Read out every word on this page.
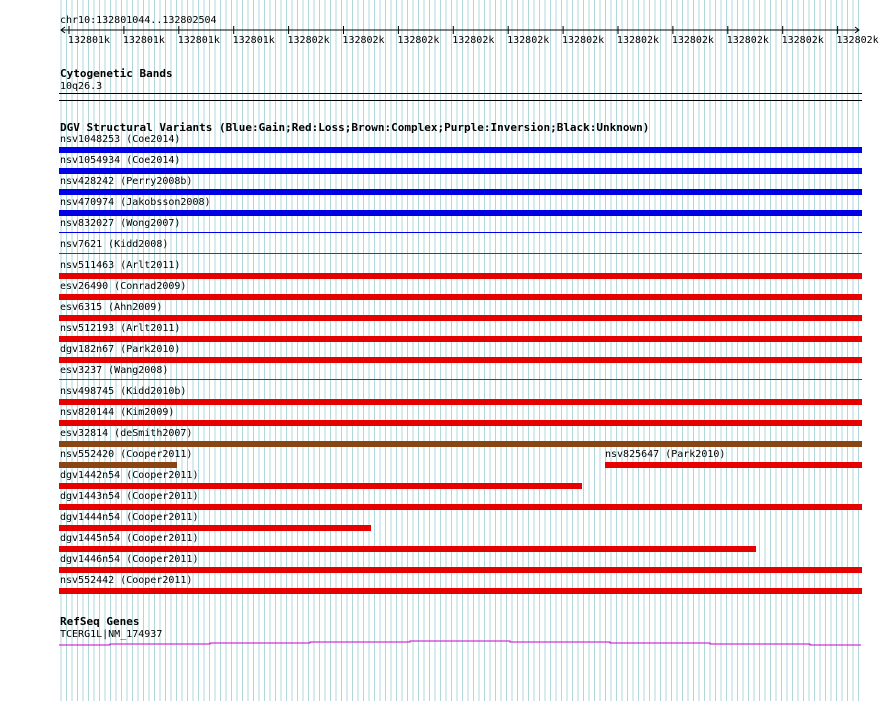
chr10:132801044..132802504
132801k 132801k 132801k 132801k 132802k 132802k 132802k 132802k 132802k 132802k 132802k 132802k 132802k 132802k 132802k
Cytogenetic Bands
10q26.3
DGV Structural Variants (Blue:Gain;Red:Loss;Brown:Complex;Purple:Inversion;Black:Unknown)
nsv1048253 (Coe2014)
nsv1054934 (Coe2014)
nsv428242 (Perry2008b)
nsv470974 (Jakobsson2008)
nsv832027 (Wong2007)
nsv7621 (Kidd2008)
nsv511463 (Arlt2011)
esv26490 (Conrad2009)
esv6315 (Ahn2009)
nsv512193 (Arlt2011)
dgv182n67 (Park2010)
esv3237 (Wang2008)
nsv498745 (Kidd2010b)
nsv820144 (Kim2009)
esv32814 (deSmith2007)
nsv552420 (Cooper2011)	nsv825647 (Park2010)
dgv1442n54 (Cooper2011)
dgv1443n54 (Cooper2011)
dgv1444n54 (Cooper2011)
dgv1445n54 (Cooper2011)
dgv1446n54 (Cooper2011)
nsv552442 (Cooper2011)
RefSeq Genes
TCERG1L|NM_174937
